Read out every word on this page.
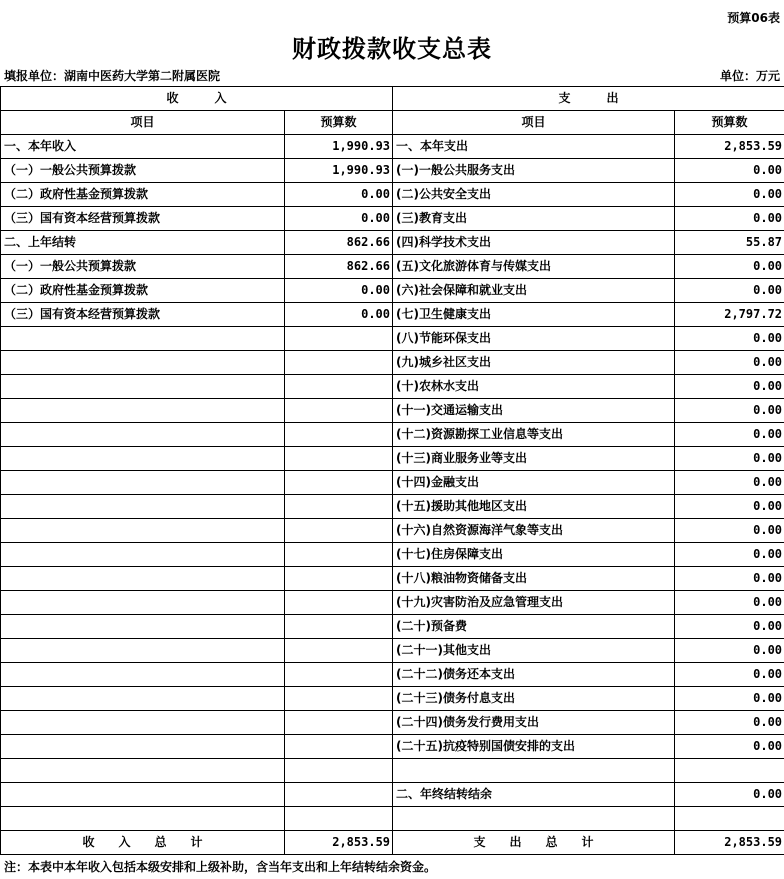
预算06表
财政拨款收支总表
填报单位：湖南中医药大学第二附属医院	单位：万元
收　　　入		支　　　出	
项目	预算数	项目	预算数
一、本年收入	1,990.93	一、本年支出	2,853.59
（一）一般公共预算拨款	1,990.93	(一)一般公共服务支出	0.00
（二）政府性基金预算拨款	0.00	(二)公共安全支出	0.00
（三）国有资本经营预算拨款	0.00	(三)教育支出	0.00
二、上年结转	862.66	(四)科学技术支出	55.87
（一）一般公共预算拨款	862.66	(五)文化旅游体育与传媒支出	0.00
（二）政府性基金预算拨款	0.00	(六)社会保障和就业支出	0.00
（三）国有资本经营预算拨款	0.00	(七)卫生健康支出	2,797.72
		(八)节能环保支出	0.00
		(九)城乡社区支出	0.00
		(十)农林水支出	0.00
		(十一)交通运输支出	0.00
		(十二)资源勘探工业信息等支出	0.00
		(十三)商业服务业等支出	0.00
		(十四)金融支出	0.00
		(十五)援助其他地区支出	0.00
		(十六)自然资源海洋气象等支出	0.00
		(十七)住房保障支出	0.00
		(十八)粮油物资储备支出	0.00
		(十九)灾害防治及应急管理支出	0.00
		(二十)预备费	0.00
		(二十一)其他支出	0.00
		(二十二)债务还本支出	0.00
		(二十三)债务付息支出	0.00
		(二十四)债务发行费用支出	0.00
		(二十五)抗疫特别国债安排的支出	0.00

		二、年终结转结余	0.00

收　　入　　总　　计	2,853.59	支　　出　　总　　计	2,853.59
注：本表中本年收入包括本级安排和上级补助，含当年支出和上年结转结余资金。
